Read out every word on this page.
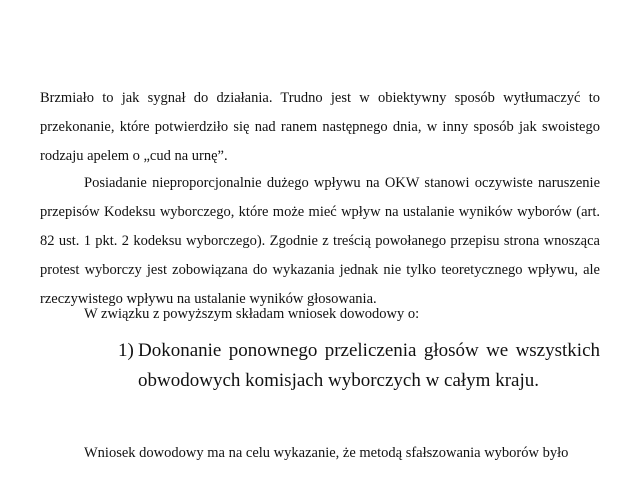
Brzmiało to jak sygnał do działania. Trudno jest w obiektywny sposób wytłumaczyć to przekonanie, które potwierdziło się nad ranem następnego dnia, w inny sposób jak swoistego rodzaju apelem o „cud na urnę”.

Posiadanie nieproporcjonalnie dużego wpływu na OKW stanowi oczywiste naruszenie przepisów Kodeksu wyborczego, które może mieć wpływ na ustalanie wyników wyborów (art. 82 ust. 1 pkt. 2 kodeksu wyborczego). Zgodnie z treścią powołanego przepisu strona wnosząca protest wyborczy jest zobowiązana do wykazania jednak nie tylko teoretycznego wpływu, ale rzeczywistego wpływu na ustalanie wyników głosowania.

W związku z powyższym składam wniosek dowodowy o:

1) Dokonanie ponownego przeliczenia głosów we wszystkich obwodowych komisjach wyborczych w całym kraju.

Wniosek dowodowy ma na celu wykazanie, że metodą sfałszowania wyborów było
